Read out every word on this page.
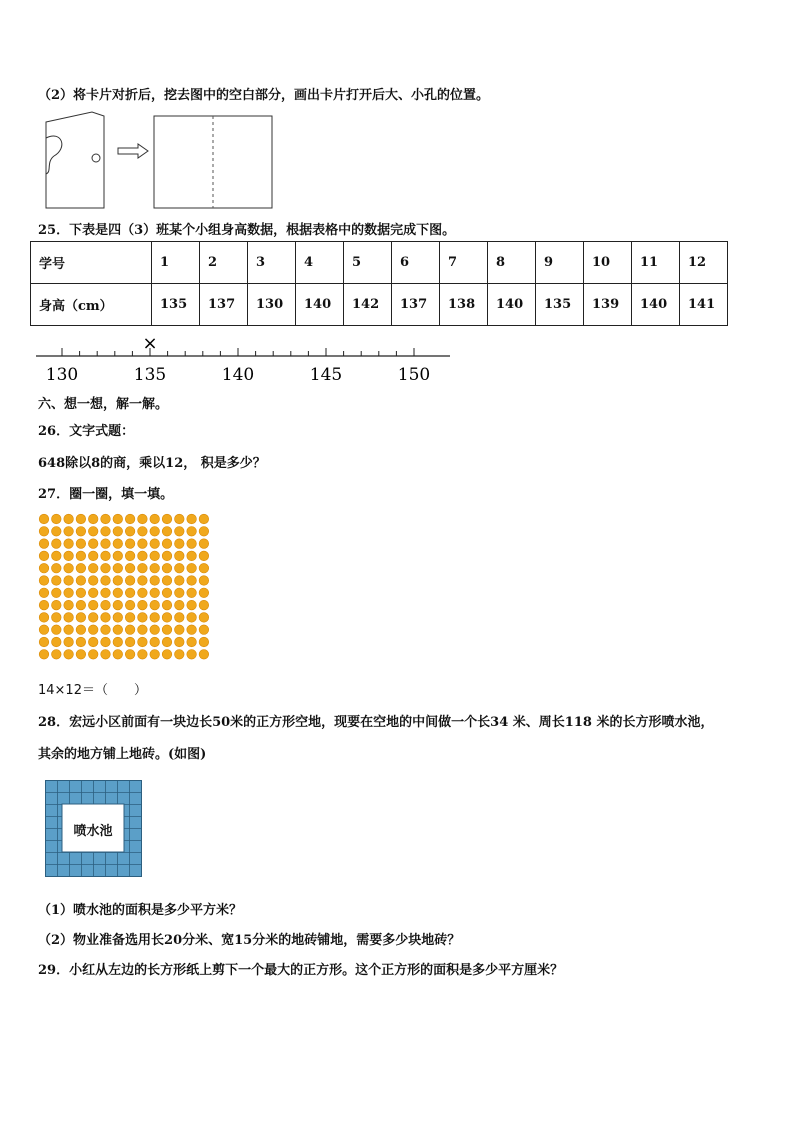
（2）将卡片对折后，挖去图中的空白部分，画出卡片打开后大、小孔的位置。
25．下表是四（3）班某个小组身高数据，根据表格中的数据完成下图。
学号	1	2	3	4	5	6	7	8	9	10	11	12
身高（cm）	135	137	130	140	142	137	138	140	135	139	140	141
130	135	140	145	150
×
六、想一想，解一解。
26．文字式题：
648除以8的商，乘以12， 积是多少？
27．圈一圈，填一填。
14×12＝（　　）
28．宏远小区前面有一块边长50米的正方形空地，现要在空地的中间做一个长34 米、周长118 米的长方形喷水池，
其余的地方铺上地砖。(如图)
喷水池
（1）喷水池的面积是多少平方米？
（2）物业准备选用长20分米、宽15分米的地砖铺地，需要多少块地砖？
29．小红从左边的长方形纸上剪下一个最大的正方形。这个正方形的面积是多少平方厘米？
